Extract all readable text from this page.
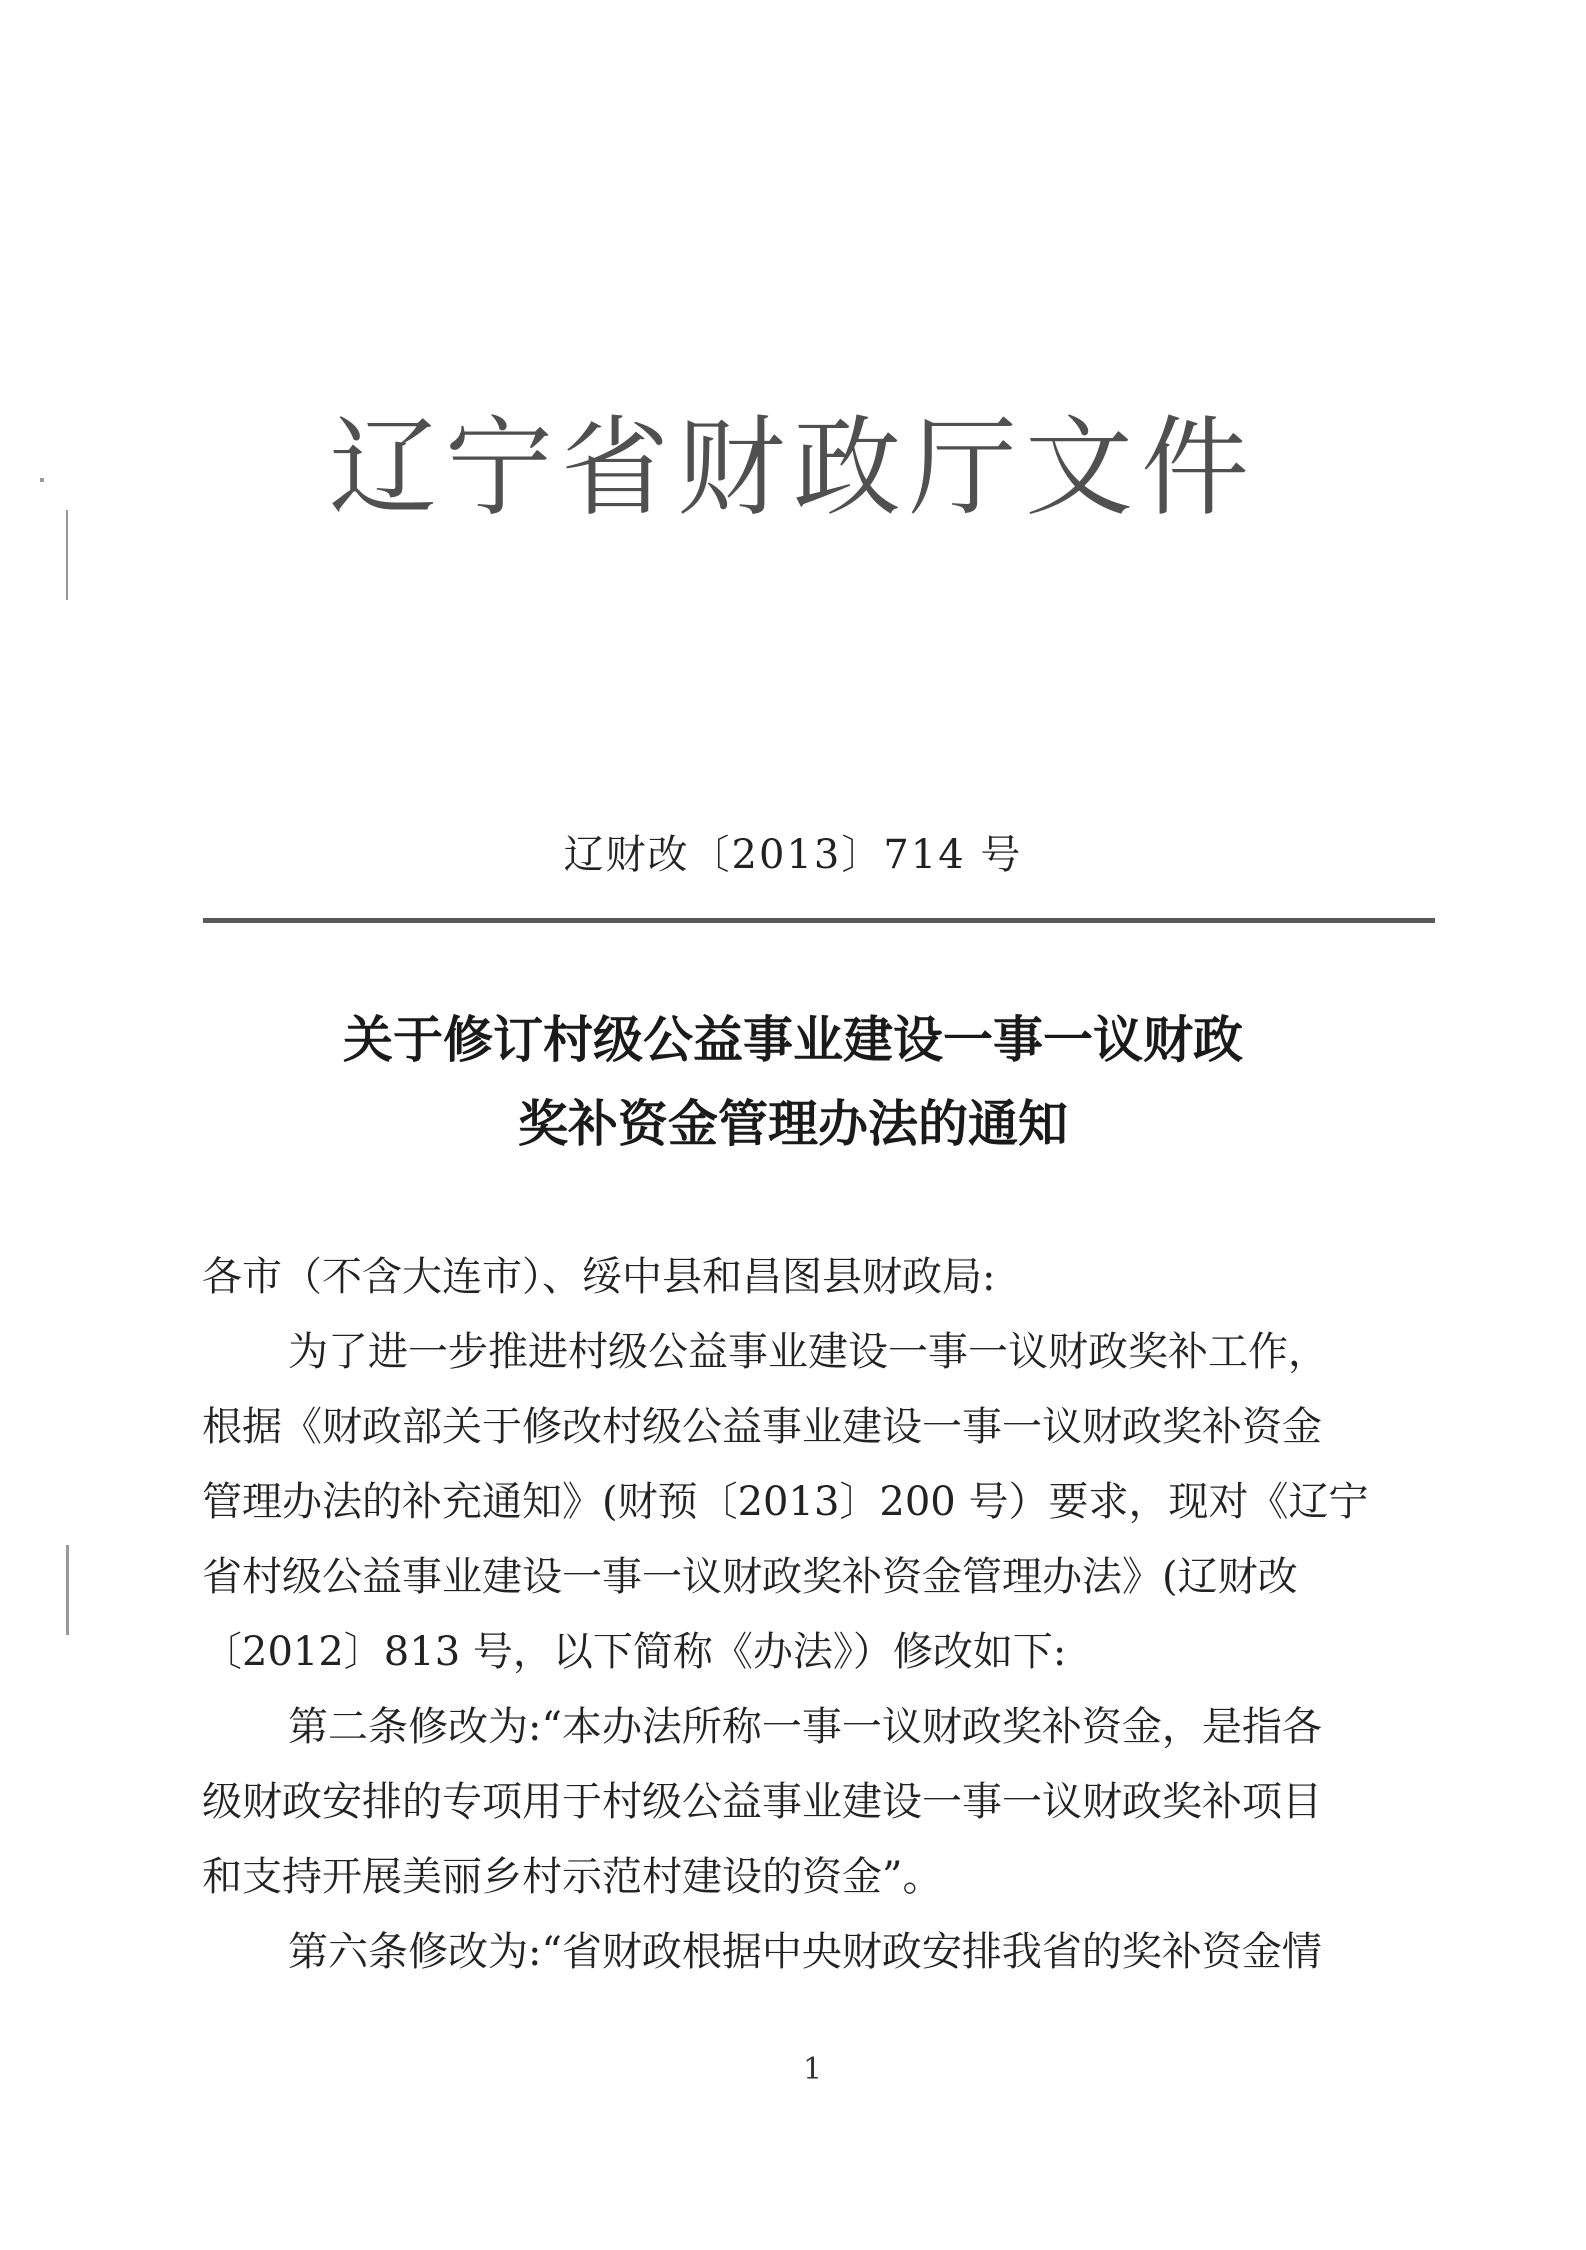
辽宁省财政厅文件
辽财改〔2013〕714 号
关于修订村级公益事业建设一事一议财政
奖补资金管理办法的通知
各市（不含大连市）、绥中县和昌图县财政局:
为了进一步推进村级公益事业建设一事一议财政奖补工作，
根据《财政部关于修改村级公益事业建设一事一议财政奖补资金
管理办法的补充通知》(财预〔2013〕200 号）要求，现对《辽宁
省村级公益事业建设一事一议财政奖补资金管理办法》(辽财改
〔2012〕813 号，以下简称《办法》）修改如下:
第二条修改为:“本办法所称一事一议财政奖补资金，是指各
级财政安排的专项用于村级公益事业建设一事一议财政奖补项目
和支持开展美丽乡村示范村建设的资金”。
第六条修改为:“省财政根据中央财政安排我省的奖补资金情
1
